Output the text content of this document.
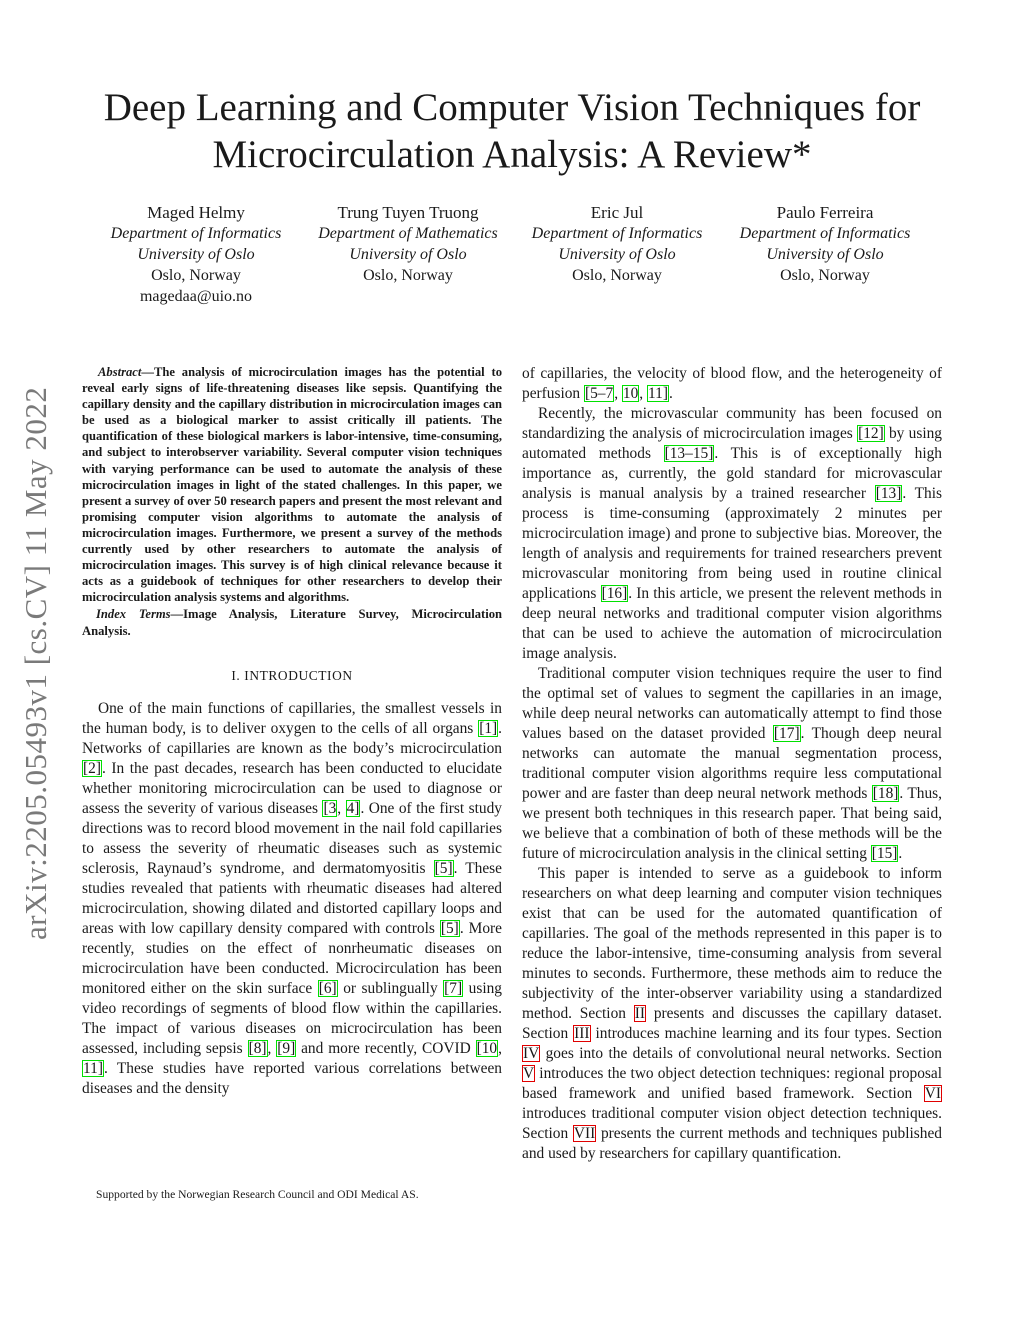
Deep Learning and Computer Vision Techniques for
Microcirculation Analysis: A Review*
Maged Helmy
Department of Informatics
University of Oslo
Oslo, Norway
magedaa@uio.no
Trung Tuyen Truong
Department of Mathematics
University of Oslo
Oslo, Norway
Eric Jul
Department of Informatics
University of Oslo
Oslo, Norway
Paulo Ferreira
Department of Informatics
University of Oslo
Oslo, Norway
arXiv:2205.05493v1 [cs.CV] 11 May 2022

Abstract—The analysis of microcirculation images has the potential to reveal early signs of life-threatening diseases like sepsis. Quantifying the capillary density and the capillary distribution in microcirculation images can be used as a biological marker to assist critically ill patients. The quantification of these biological markers is labor-intensive, time-consuming, and subject to interobserver variability. Several computer vision techniques with varying performance can be used to automate the analysis of these microcirculation images in light of the stated challenges. In this paper, we present a survey of over 50 research papers and present the most relevant and promising computer vision algorithms to automate the analysis of microcirculation images. Furthermore, we present a survey of the methods currently used by other researchers to automate the analysis of microcirculation images. This survey is of high clinical relevance because it acts as a guidebook of techniques for other researchers to develop their microcirculation analysis systems and algorithms.

Index Terms—Image Analysis, Literature Survey, Microcirculation Analysis.

I. INTRODUCTION

One of the main functions of capillaries, the smallest vessels in the human body, is to deliver oxygen to the cells of all organs [1]. Networks of capillaries are known as the body’s microcirculation [2]. In the past decades, research has been conducted to elucidate whether monitoring microcirculation can be used to diagnose or assess the severity of various diseases [3, 4]. One of the first study directions was to record blood movement in the nail fold capillaries to assess the severity of rheumatic diseases such as systemic sclerosis, Raynaud’s syndrome, and dermatomyositis [5]. These studies revealed that patients with rheumatic diseases had altered microcirculation, showing dilated and distorted capillary loops and areas with low capillary density compared with controls [5]. More recently, studies on the effect of nonrheumatic diseases on microcirculation have been conducted. Microcirculation has been monitored either on the skin surface [6] or sublingually [7] using video recordings of segments of blood flow within the capillaries. The impact of various diseases on microcirculation has been assessed, including sepsis [8], [9] and more recently, COVID [10, 11]. These studies have reported various correlations between diseases and the density

of capillaries, the velocity of blood flow, and the heterogeneity of perfusion [5–7, 10, 11].

Recently, the microvascular community has been focused on standardizing the analysis of microcirculation images [12] by using automated methods [13–15]. This is of exceptionally high importance as, currently, the gold standard for microvascular analysis is manual analysis by a trained researcher [13]. This process is time-consuming (approximately 2 minutes per microcirculation image) and prone to subjective bias. Moreover, the length of analysis and requirements for trained researchers prevent microvascular monitoring from being used in routine clinical applications [16]. In this article, we present the relevent methods in deep neural networks and traditional computer vision algorithms that can be used to achieve the automation of microcirculation image analysis.

Traditional computer vision techniques require the user to find the optimal set of values to segment the capillaries in an image, while deep neural networks can automatically attempt to find those values based on the dataset provided [17]. Though deep neural networks can automate the manual segmentation process, traditional computer vision algorithms require less computational power and are faster than deep neural network methods [18]. Thus, we present both techniques in this research paper. That being said, we believe that a combination of both of these methods will be the future of microcirculation analysis in the clinical setting [15].

This paper is intended to serve as a guidebook to inform researchers on what deep learning and computer vision techniques exist that can be used for the automated quantification of capillaries. The goal of the methods represented in this paper is to reduce the labor-intensive, time-consuming analysis from several minutes to seconds. Furthermore, these methods aim to reduce the subjectivity of the inter-observer variability using a standardized method. Section II presents and discusses the capillary dataset. Section III introduces machine learning and its four types. Section IV goes into the details of convolutional neural networks. Section V introduces the two object detection techniques: regional proposal based framework and unified based framework. Section VI introduces traditional computer vision object detection techniques. Section VII presents the current methods and techniques published and used by researchers for capillary quantification.

Supported by the Norwegian Research Council and ODI Medical AS.
